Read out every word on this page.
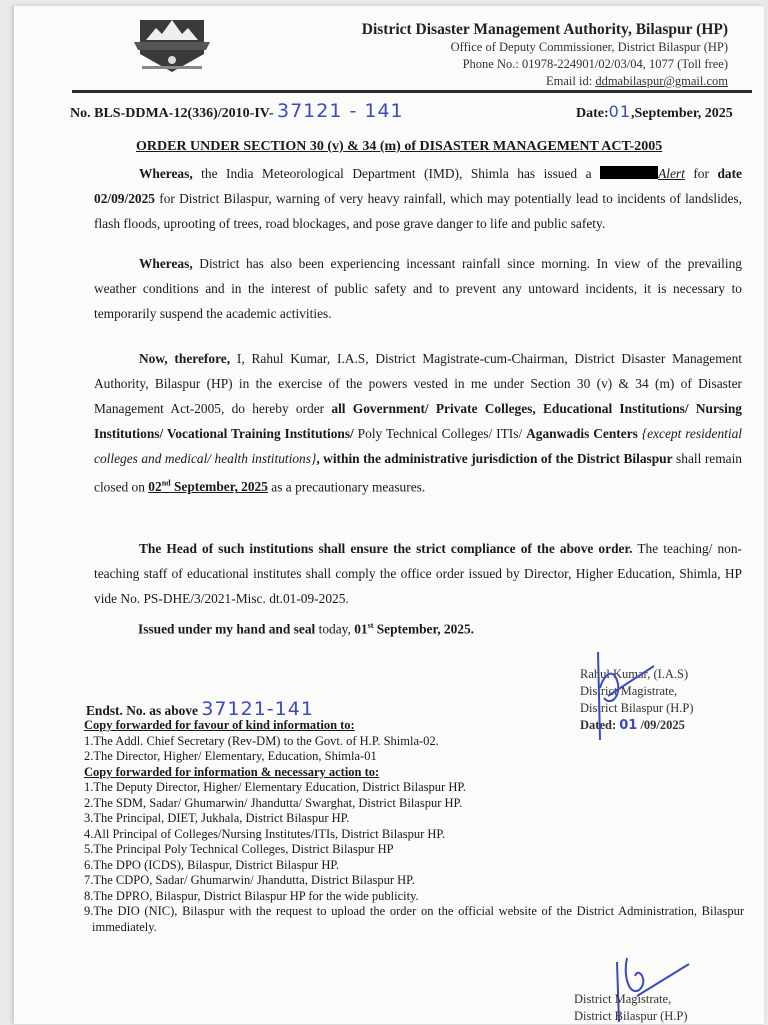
District Disaster Management Authority, Bilaspur (HP)
Office of Deputy Commissioner, District Bilaspur (HP)
Phone No.: 01978-224901/02/03/04, 1077 (Toll free)
Email id: ddmabilaspur@gmail.com
No. BLS-DDMA-12(336)/2010-IV- 37121 - 141	Date:01,September, 2025
ORDER UNDER SECTION 30 (v) & 34 (m) of DISASTER MANAGEMENT ACT-2005
Whereas, the India Meteorological Department (IMD), Shimla has issued a	Alert for date 02/09/2025 for District Bilaspur, warning of very heavy rainfall, which may potentially lead to incidents of landslides, flash floods, uprooting of trees, road blockages, and pose grave danger to life and public safety.
Whereas, District has also been experiencing incessant rainfall since morning. In view of the prevailing weather conditions and in the interest of public safety and to prevent any untoward incidents, it is necessary to temporarily suspend the academic activities.
Now, therefore, I, Rahul Kumar, I.A.S, District Magistrate-cum-Chairman, District Disaster Management Authority, Bilaspur (HP) in the exercise of the powers vested in me under Section 30 (v) & 34 (m) of Disaster Management Act-2005, do hereby order all Government/ Private Colleges, Educational Institutions/ Nursing Institutions/ Vocational Training Institutions/ Poly Technical Colleges/ ITIs/ Aganwadis Centers {except residential colleges and medical/ health institutions}, within the administrative jurisdiction of the District Bilaspur shall remain closed on 02nd September, 2025 as a precautionary measures.
The Head of such institutions shall ensure the strict compliance of the above order. The teaching/ non-teaching staff of educational institutes shall comply the office order issued by Director, Higher Education, Shimla, HP vide No. PS-DHE/3/2021-Misc. dt.01-09-2025.
Issued under my hand and seal today, 01st September, 2025.
Rahul Kumar, (I.A.S)
District Magistrate,
District Bilaspur (H.P)
Dated: 01 /09/2025
Endst. No. as above 37121-141
Copy forwarded for favour of kind information to:
1.The Addl. Chief Secretary (Rev-DM) to the Govt. of H.P. Shimla-02.
2.The Director, Higher/ Elementary, Education, Shimla-01
Copy forwarded for information & necessary action to:
1.The Deputy Director, Higher/ Elementary Education, District Bilaspur HP.
2.The SDM, Sadar/ Ghumarwin/ Jhandutta/ Swarghat, District Bilaspur HP.
3.The Principal, DIET, Jukhala, District Bilaspur HP.
4.All Principal of Colleges/Nursing Institutes/ITIs, District Bilaspur HP.
5.The Principal Poly Technical Colleges, District Bilaspur HP
6.The DPO (ICDS), Bilaspur, District Bilaspur HP.
7.The CDPO, Sadar/ Ghumarwin/ Jhandutta, District Bilaspur HP.
8.The DPRO, Bilaspur, District Bilaspur HP for the wide publicity.
9.The DIO (NIC), Bilaspur with the request to upload the order on the official website of the District Administration, Bilaspur immediately.
District Magistrate,
District Bilaspur (H.P)
